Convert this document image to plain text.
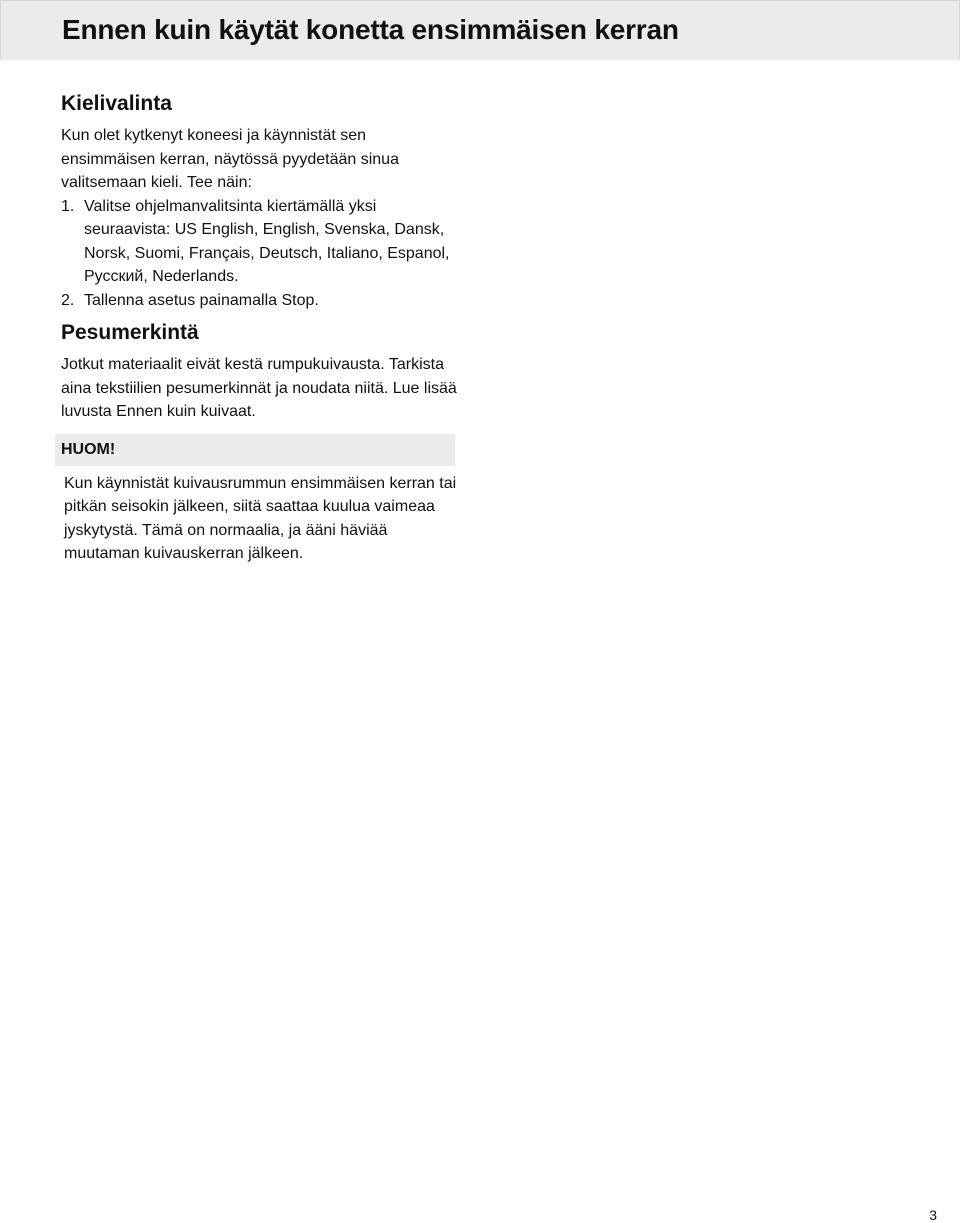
Ennen kuin käytät konetta ensimmäisen kerran
Kielivalinta

Kun olet kytkenyt koneesi ja käynnistät sen ensimmäisen kerran, näytössä pyydetään sinua valitsemaan kieli. Tee näin:

1. Valitse ohjelmanvalitsinta kiertämällä yksi seuraavista: US English, English, Svenska, Dansk, Norsk, Suomi, Français, Deutsch, Italiano, Espanol, Русский, Nederlands.
2. Tallenna asetus painamalla Stop.
Pesumerkintä

Jotkut materiaalit eivät kestä rumpukuivausta. Tarkista aina tekstiilien pesumerkinnät ja noudata niitä. Lue lisää luvusta Ennen kuin kuivaat.

HUOM!

Kun käynnistät kuivausrummun ensimmäisen kerran tai pitkän seisokin jälkeen, siitä saattaa kuulua vaimeaa jyskytystä. Tämä on normaalia, ja ääni häviää muutaman kuivauskerran jälkeen.

3
